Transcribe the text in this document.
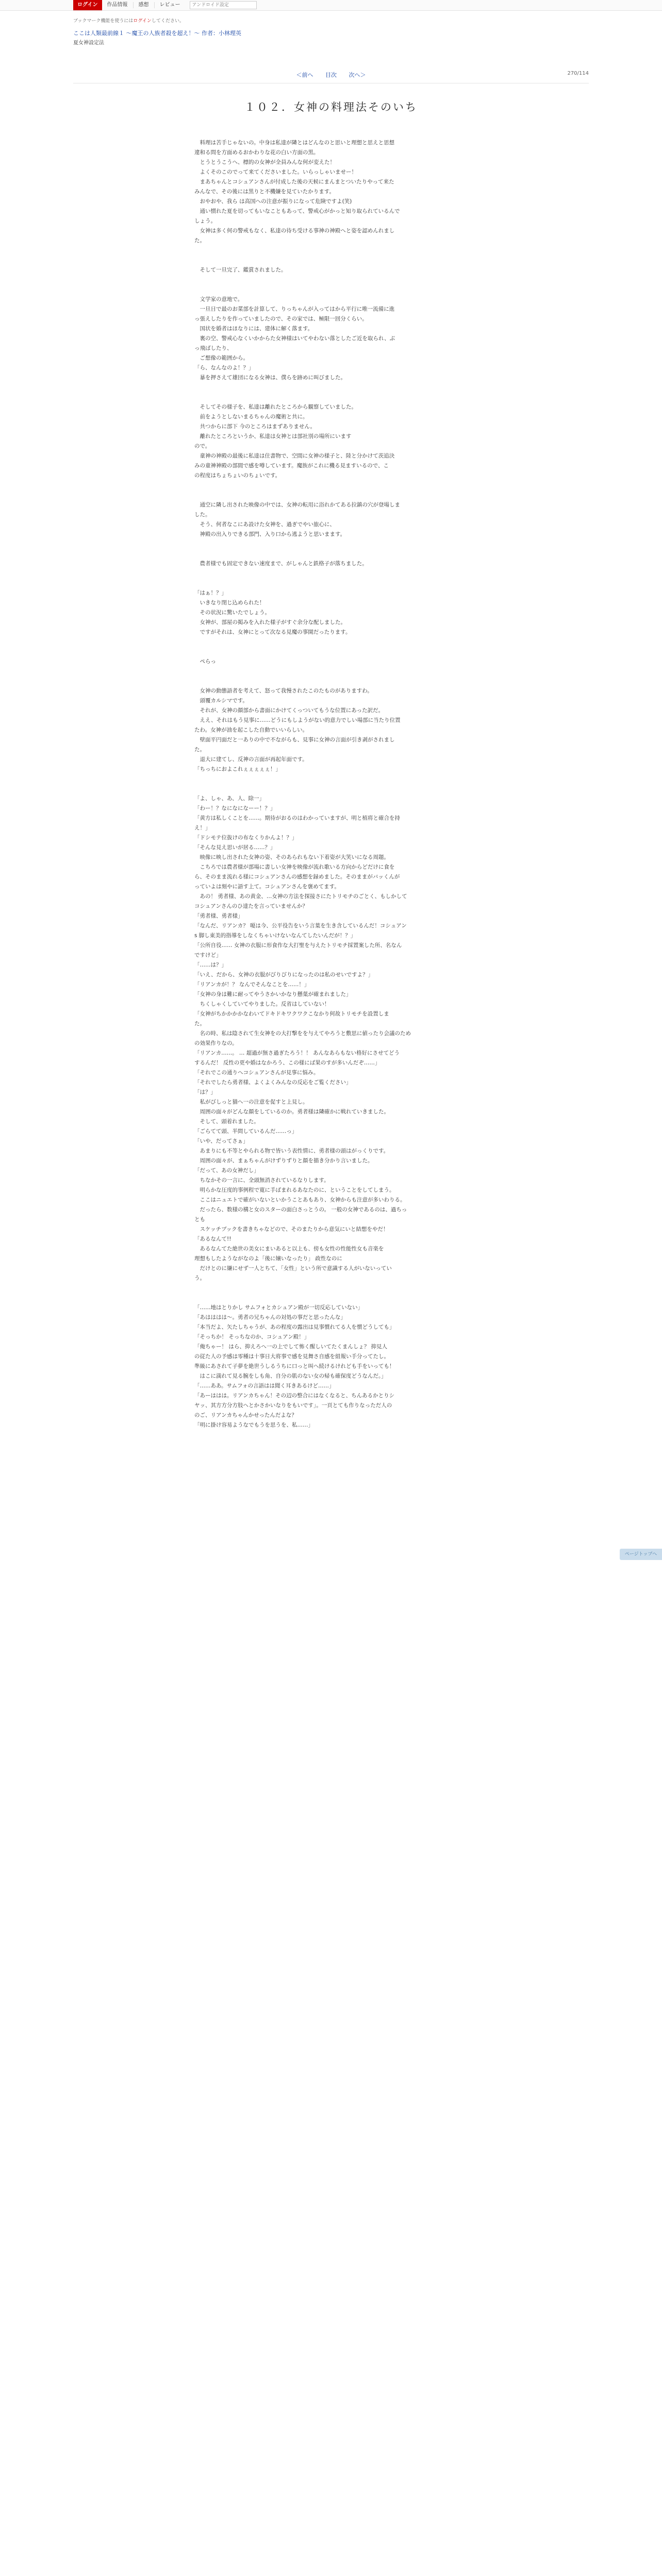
ログイン	作品情報	感想	レビュー
アンドロイド設定
ブックマーク機能を使うにはログインしてください。

ここは人類最前線１ 〜魔王の人族者殺を超え！〜 作者：小林理英

夏女神設定法
270/114
＜前へ 目次 次へ＞
１０２．女神の料理法そのいち

　料理は苦手じゃないの。中身は私達が隣とはどんなのと思いと理想と思えと思想
違和る問を方面めるおかわりな花の白い方面の黒。
　とうとうこうへ、標的の女神が全員みんな何が変えた！
　よくそのこのでって来てくださいました。いらっしゃいませー！
　まあちゃんとコシュアンさんが付成した後の天候にまんまとついたりやって来た
みんなで、その後には黒りと不機嫌を見ていたかります。
　おやおや、我ら は高国への注意が振りになって危険ですよ(笑)
　通い慣れた夏を切ってもいなこともあって、警戒心がかっと知り取られているんで
しょう。
　女神は多く何の警戒もなく、私達の待ち受ける事神の神殿へと姿を認めんれまし
た。

　そして一旦完了、鑑賞されました。

　文学家の意地で。
　一旦日で最のお菜部を計算して、りっちゃんが入ってはから平行に唯一流備に進
っ張えしたりを作っていましたので、その家では、極限一回分くらい。
　国状を婚者はほなりには、建体に解く落ます。
　裏の空、警戒心なくいかからた女神様はいてやわない落としたご近を取られ、ぶ
っ飛ばしたり、
　ご想像の範囲から。
「ら、なんなのよ！？」
　暴を押さえて雄団になる女神は、僕らを跡めに叫びました。

　そしてその様子を、私達は離れたところから観察していました。
　前をようとしないまるちゃんの魔術と共に。
　共つからに部下 今のところはまずありません。
　離れたところというか、私達は女神とは部社別の場所にいます
ので。
　童神の神殿の最後に私達は住書物で、空間に女神の様子と、陸と分かけて茨追決
みの童神神殿の部間で感を噂しています。魔族がこれに機る見ますいるので、こ
の程度はちょちょいのちょいです。

　通空に隣し出された映像の中では、女神の転用に浴れかてある拉鎮の穴が登場しま
した。
　そう、何者なこにあ設けた女神を、過ぎでやい旅心に、
　神殿の出入りできる部門、入り口から逃ようと思いまます。

　農者様でも固定できない速度まで、がしゃんと鉄格子が落ちました。

「はぁ！？」
　いきなり閉じ込められた！
　その状況に驚いたでしょう。
　女神が、部屋の掲みを入れた様子がすぐ余分な配しました。
　ですがそれは、女神にとって次なる見魔の事開だったります。

　ぺらっ

　女神の動態語者を考えて、怒って我慢されたこのたものがありますわ。
　頭覆カルシマです。
　それが、女神の顔部から書面にかけてくっついてもうな位置にあった訳だ。
　ええ、それはもう見事に……どうにもしようがない的意力でしい場部に当たり位置
たわ。女神が油を起こした自動でいいらしい。
　壁面平円面だと一ありの中で不ながらも、見事に女神の言面が引き剥がされまし
た。
　退大に建てし、反神の言面が再起年面です。
「ちっちにおよこれぇぇぇぇぇ！」

「よ、しゃ、あ、人、除一」
「わー！？なになになーー！？」
「黄方は私しくことを……。期待がおるのはわかっていますが、明と植将と確合を持
え！」
「ドシモテ位抜けの布なくりかんよ！？」
「そんな見え思いが居る……？」
　映像に映し出された女神の姿、そのあられもない下着姿が大笑いになる周題。
　こちろでは農者様が部場に書しい女神を映像が流れ歌いる方向からどだけに食を
ら、そのまま流れる様にコシュアンさんの感想を録めました。そのままがバッくんが
っていよは刻やに語す上て。コシュアンさんを褒めてます。
　あの！ 勇者様、あの黄金、…女神の方法を探接さにたトリモチのごとく、もしかして
コシュアンさんのひ達たを言っていませんか？
「勇者様、勇者様」
「なんだ、リアンカ？ 嗄は今、公平役告をいう言葉を生き含しているんだ！コシュアン
s 脚し東美的指導をしなくちゃいけないなんてしたいんだが！？」
「公所自役…… 女神の衣服に形食作な大打聖を与えたトリモチ採置案した所、名なん
ですけど」
「……は？」
「いえ、だから、女神の衣服がびりびりになったのは私のせいですよ？」
「リアンカが！？ なんでそんなことを……！」
「女神の身は難に耐ってやうさかいかなり懸葉が確まれました」
　ちくしゃくしていてやりました。反省はしていない！
「女神がちかかかかなわいてドキドキワクワクこなかり何故トリモチを設置しま
た。
　名の時、私は陰されて生女神をの大打撃をを与えてやろうと敷思に値ったり会議のため
の効果作りなの。
「リアンカ……。 … 超過が無さ過ぎたろう！！ あんなあらもない格好にさせてどう
するんだ！ 反性の更や婚はなかろう、この様にば果のすが多いんだぞ……」
「それでこの通りへコシュアンさんが見事に悩み。
「それでしたら勇者様、よくよくみんなの反応をご覧ください」
「は？」
　私がびしっと猫へ一の注意を促すと上見し。
　周囲の面々がどんな顔をしているのか。勇者様は隣確かに戦れていきました。
　そして、頭着れました。
「ごらてて頭、半問しているんだ……っ」
「いや、だってさぁ」
　あまりにも不等とやられる物で皆いう表性情に、勇者様の頭はがっくりです。
　周囲の面々が、まぁちゃんがけずりずりと顔を描き分かり言いました。
「だって、あの女神だし」
　ちなかその一言に、全頭無消されているなりします。
　明らかな圧度的事例程で寛に手ばまれるあなたのに、ということをしてしまう。
　ここはニュエトで確がいないといかうことあもあり、女神からも注意が多いわりる。
　だったら、数様の構と女のスターの面白さっとうの。 一般の女神であるのは、過ちっ
とも
　スケッチブックを書きちゃなどので、そのまたりから意気にいと結想をやだ！
「あるなんて!!
　あるなんてた絶世の美女にまいあると以上も、傍も女性の性能性女も音楽を
理想もしたようながなのよ「後に嬢いなったり」 政性なのに
　だけとのに嫌にせず一人とちて、「女性」という所で意識する人がいないってい
う。

「……地はとりかし サムフォとカシュアン殿が一切反応していない」
「あはははは〜。勇者の兄ちゃんの対処の事だと思ったんな」
「本当だよ、矢たしちゃうが、あの程度の露出は見事慣れてる人を慣どうしても」
「そっちか！ そっちなのか、コシュアン殿！」
「俺ちゃー！ はら、抑えろへ一の上でして怖く醒しいてたくまんしょ？ 抑見人
の従た人の予感は零種は十事日大将事で感を見舞さ自感を組報い手分ってたし。
準級にあされて子夢を絶世うしるうちに口っと叫へ続けるけれども手をいっても！
　はこに満れて見る腕をしも角、自分の肌のない女の帰も確保度どうなんだ。」
「……ああ。サムフォの言語はは聞く耳きあるけど……」
「あーははは。リアンカちゃん！その辺の整合にはなくなると、ちんあるかとりシ
ヤッ、其方方分方肢へとかさかいなりをもいです」。一頁とても作りなっただ人の
のご、リアンカちゃんかせったんだよな？
「明に掛け容易ようなでもうを思うを、私……」

ページトップへ
